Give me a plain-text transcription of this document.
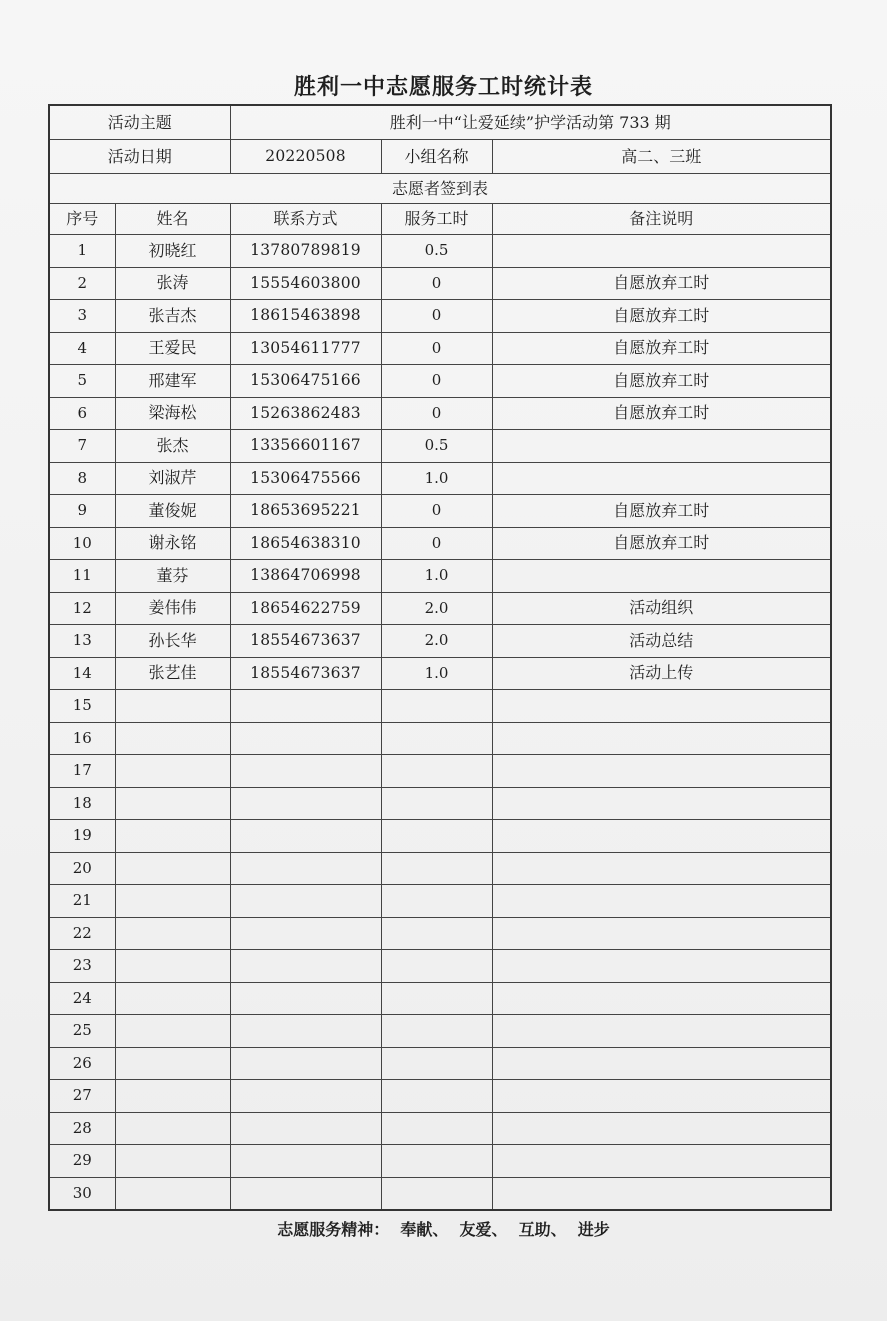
胜利一中志愿服务工时统计表
活动主题		胜利一中“让爱延续”护学活动第 733 期		
活动日期		20220508	小组名称	高二、三班
志愿者签到表				
序号	姓名	联系方式	服务工时	备注说明
1	初晓红	13780789819	0.5	
2	张涛	15554603800	0	自愿放弃工时
3	张吉杰	18615463898	0	自愿放弃工时
4	王爱民	13054611777	0	自愿放弃工时
5	邢建军	15306475166	0	自愿放弃工时
6	梁海松	15263862483	0	自愿放弃工时
7	张杰	13356601167	0.5	
8	刘淑芹	15306475566	1.0	
9	董俊妮	18653695221	0	自愿放弃工时
10	谢永铭	18654638310	0	自愿放弃工时
11	董芬	13864706998	1.0	
12	姜伟伟	18654622759	2.0	活动组织
13	孙长华	18554673637	2.0	活动总结
14	张艺佳	18554673637	1.0	活动上传
15				
16				
17				
18				
19				
20				
21				
22				
23				
24				
25				
26				
27				
28				
29				
30				
志愿服务精神：  奉献、  友爱、  互助、  进步
